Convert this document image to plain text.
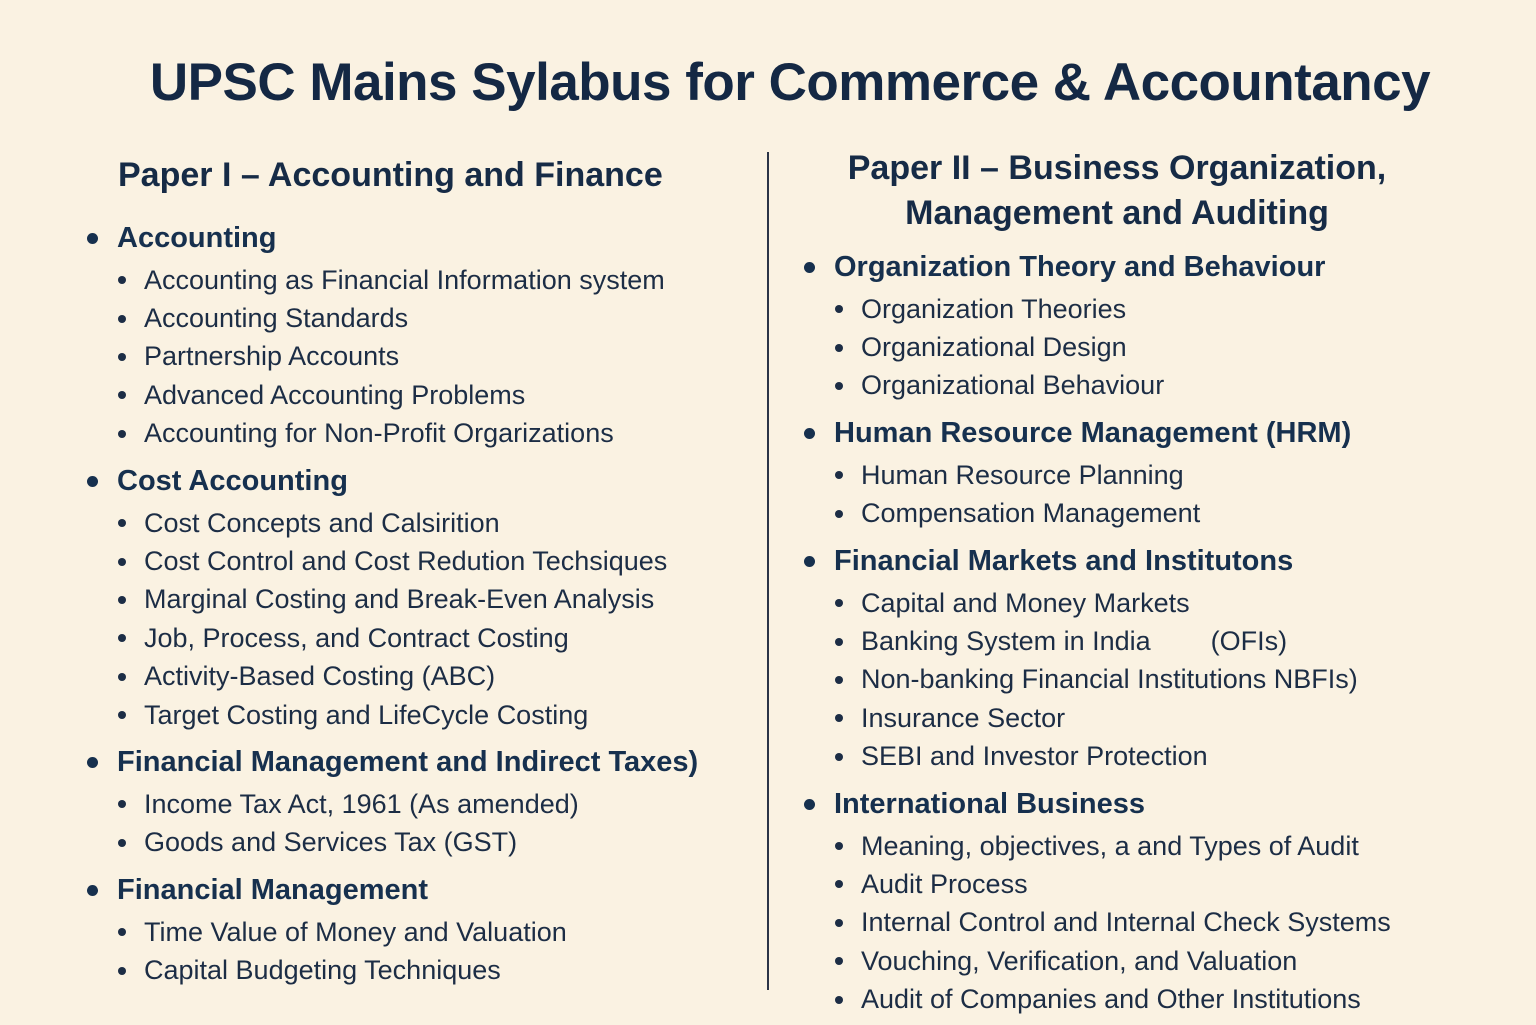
UPSC Mains Sylabus for Commerce & Accountancy
Paper I – Accounting and Finance
Accounting
Accounting as Financial Information system
Accounting Standards
Partnership Accounts
Advanced Accounting Problems
Accounting for Non-Profit Orgarizations
Cost Accounting
Cost Concepts and Calsirition
Cost Control and Cost Redution Techsiques
Marginal Costing and Break-Even Analysis
Job, Process, and Contract Costing
Activity-Based Costing (ABC)
Target Costing and LifeCycle Costing
Financial Management and Indirect Taxes)
Income Tax Act, 1961 (As amended)
Goods and Services Tax (GST)
Financial Management
Time Value of Money and Valuation
Capital Budgeting Techniques
Paper II – Business Organization,
Management and Auditing
Organization Theory and Behaviour
Organization Theories
Organizational Design
Organizational Behaviour
Human Resource Management (HRM)
Human Resource Planning
Compensation Management
Financial Markets and Institutons
Capital and Money Markets
Banking System in India        (OFIs)
Non-banking Financial Institutions NBFIs)
Insurance Sector
SEBI and Investor Protection
International Business
Meaning, objectives, a and Types of Audit
Audit Process
Internal Control and Internal Check Systems
Vouching, Verification, and Valuation
Audit of Companies and Other Institutions
